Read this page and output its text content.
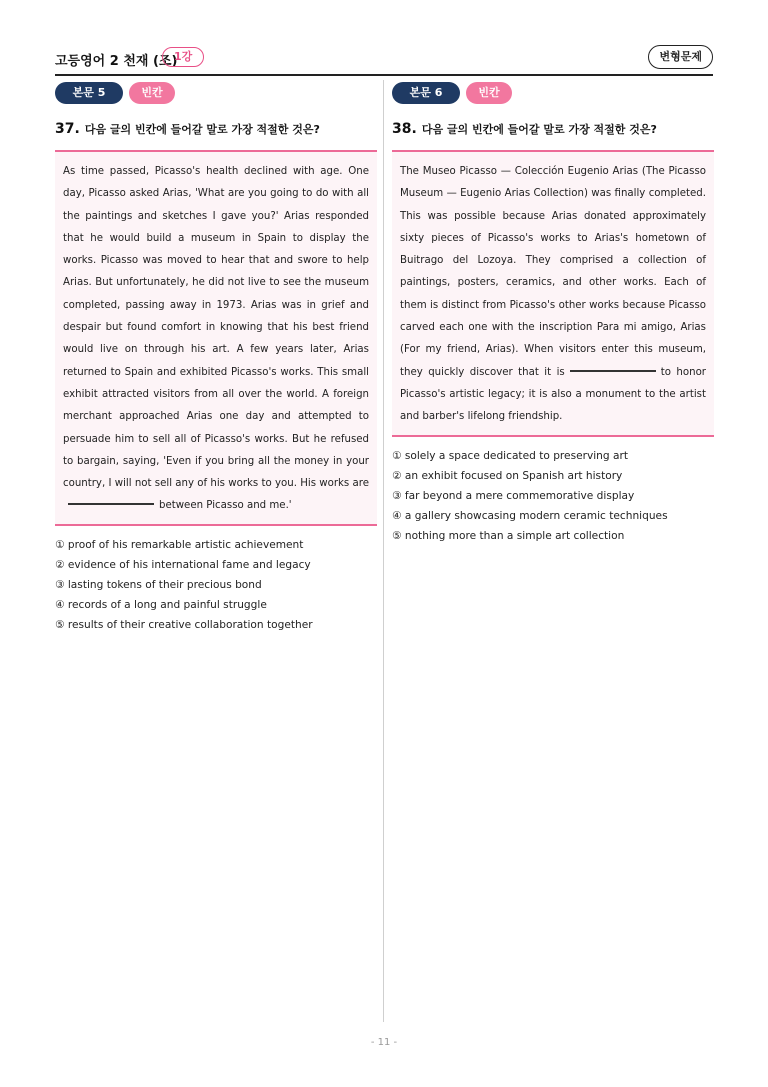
고등영어 2 천재 (조)
1강	변형문제
본문 5	빈칸
37. 다음 글의 빈칸에 들어갈 말로 가장 적절한 것은?
As time passed, Picasso's health declined with age. One day, Picasso asked Arias, 'What are you going to do with all the paintings and sketches I gave you?' Arias responded that he would build a museum in Spain to display the works. Picasso was moved to hear that and swore to help Arias. But unfortunately, he did not live to see the museum completed, passing away in 1973. Arias was in grief and despair but found comfort in knowing that his best friend would live on through his art. A few years later, Arias returned to Spain and exhibited Picasso's works. This small exhibit attracted visitors from all over the world. A foreign merchant approached Arias one day and attempted to persuade him to sell all of Picasso's works. But he refused to bargain, saying, 'Even if you bring all the money in your country, I will not sell any of his works to you. His works arebetween Picasso and me.'
① proof of his remarkable artistic achievement
② evidence of his international fame and legacy
③ lasting tokens of their precious bond
④ records of a long and painful struggle
⑤ results of their creative collaboration together
본문 6	빈칸
38. 다음 글의 빈칸에 들어갈 말로 가장 적절한 것은?
The Museo Picasso — Colección Eugenio Arias (The Picasso Museum — Eugenio Arias Collection) was finally completed. This was possible because Arias donated approximately sixty pieces of Picasso's works to Arias's hometown of Buitrago del Lozoya. They comprised a collection of paintings, posters, ceramics, and other works. Each of them is distinct from Picasso's other works because Picasso carved each one with the inscription Para mi amigo, Arias (For my friend, Arias). When visitors enter this museum, they quickly discover that it is	to honor Picasso's artistic legacy; it is also a monument to the artist and barber's lifelong friendship.
① solely a space dedicated to preserving art
② an exhibit focused on Spanish art history
③ far beyond a mere commemorative display
④ a gallery showcasing modern ceramic techniques
⑤ nothing more than a simple art collection
- 11 -
